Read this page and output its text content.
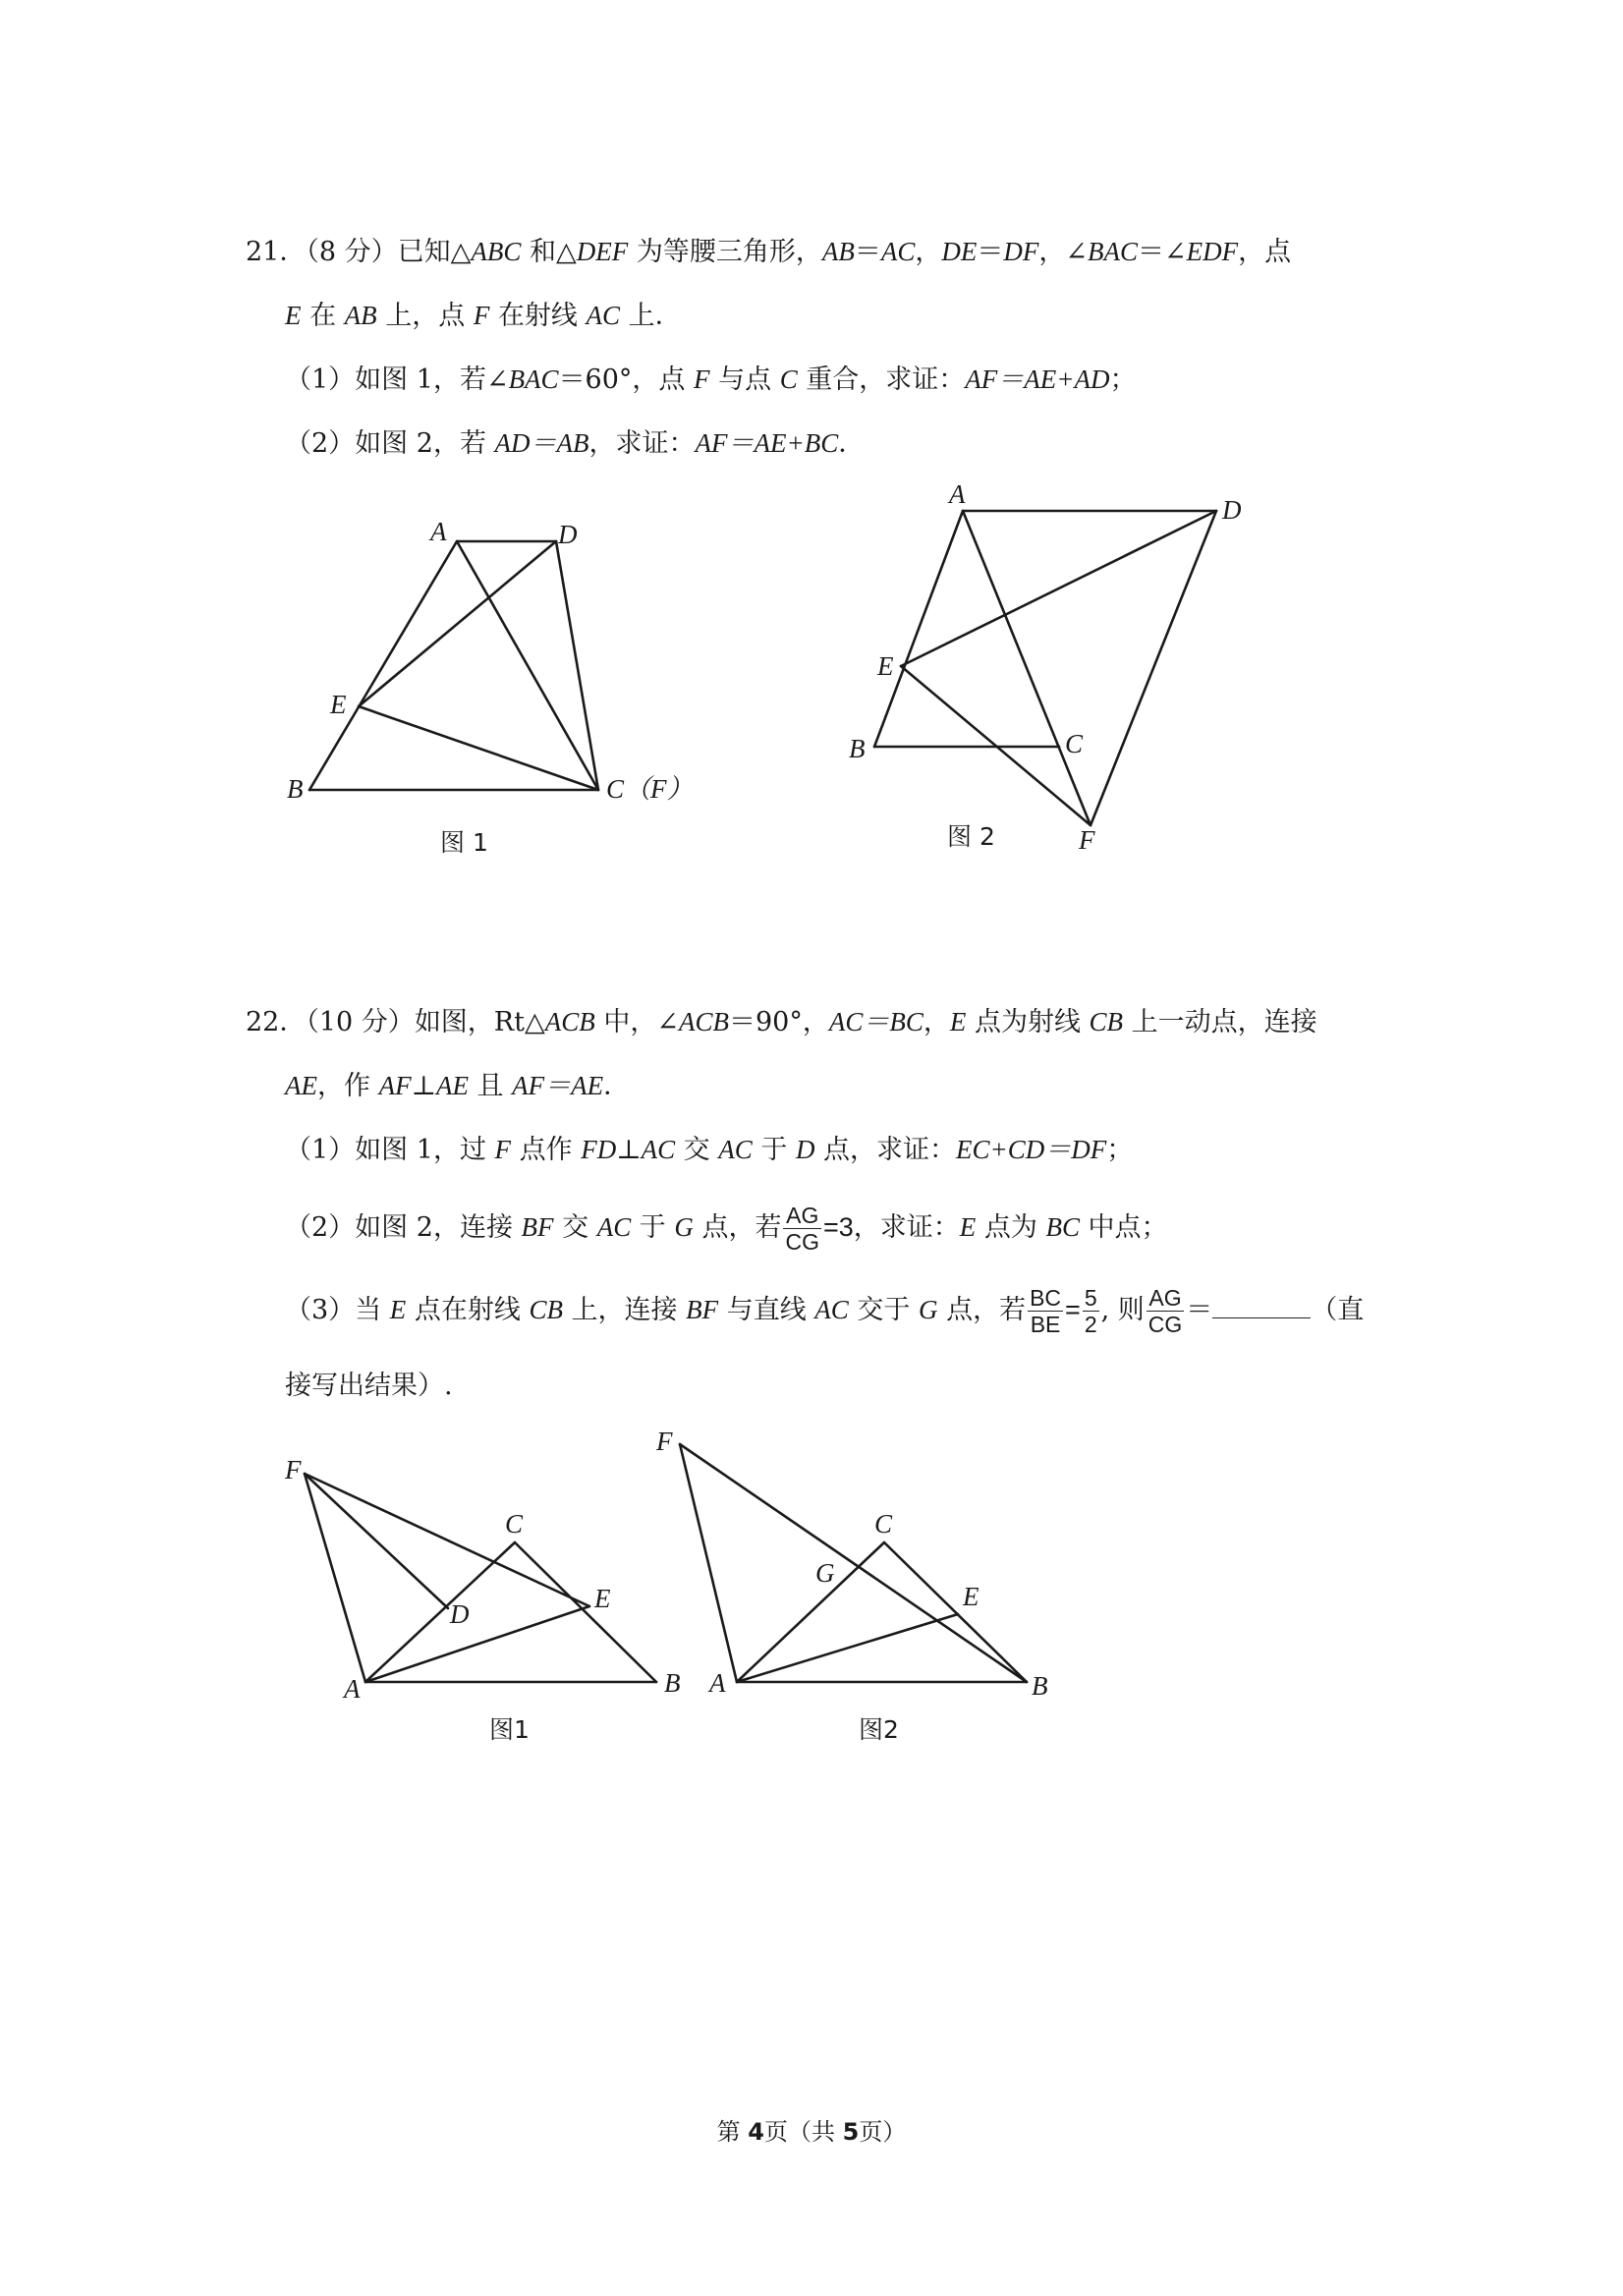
21．（8 分）已知△ABC 和△DEF 为等腰三角形，AB＝AC，DE＝DF，∠BAC＝∠EDF，点
E 在 AB 上，点 F 在射线 AC 上．
（1）如图 1，若∠BAC＝60°，点 F 与点 C 重合，求证：AF＝AE+AD；
（2）如图 2，若 AD＝AB，求证：AF＝AE+BC．
A	D
E
B	C（F）
图 1
A
D
E
B	C
F
图 2
22．（10 分）如图，Rt△ACB 中，∠ACB＝90°，AC＝BC，E 点为射线 CB 上一动点，连接
AE，作 AF⊥AE 且 AF＝AE．
（1）如图 1，过 F 点作 FD⊥AC 交 AC 于 D 点，求证：EC+CD＝DF；
（2）如图 2，连接 BF 交 AC 于 G 点，若 $\frac{AG}{CG} =3$，求证：E 点为 BC 中点；
（3）当 E 点在射线 CB 上，连接 BF 与直线 AC 交于 G 点，若 $\frac{BC}{BE} = \frac{5}{2}$ , 则 $\frac{AG}{CG}$ ＝	（直
接写出结果）.
F
C
D
E
A	B
图1
F
C
G
E
A	B
图2
第 4页（共 5页）
